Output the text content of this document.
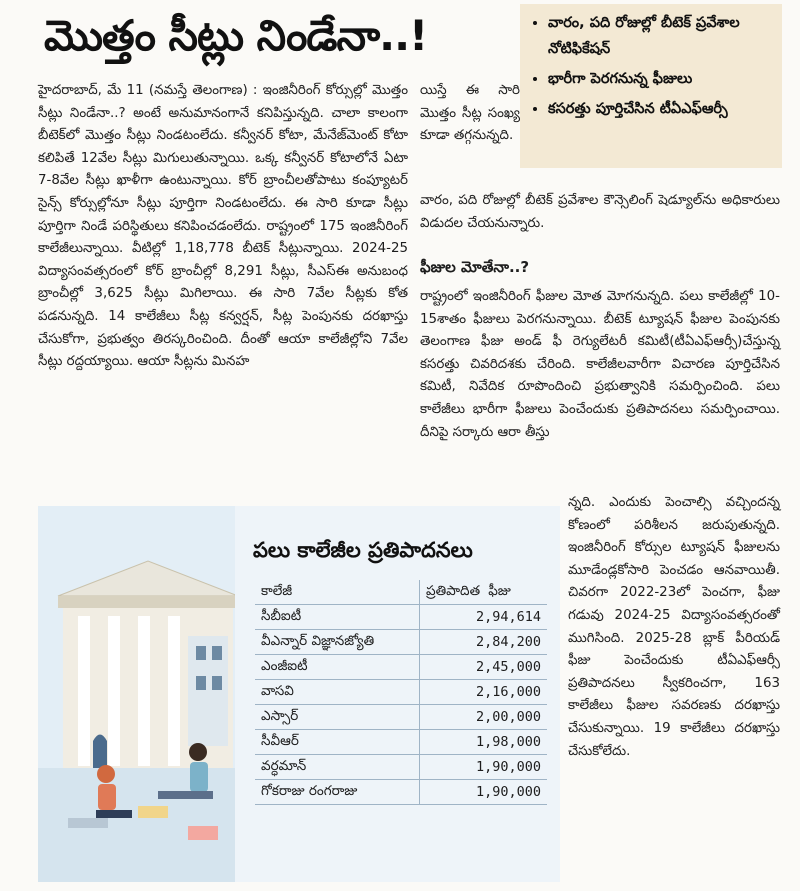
మొత్తం సీట్లు నిండేనా..!	• వారం, పది రోజుల్లో బీటెక్ ప్రవేశాల నోటిఫికేషన్
• భారీగా పెరగనున్న ఫీజులు
• కసరత్తు పూర్తిచేసిన టీఏఎఫ్ఆర్సీ

హైదరాబాద్, మే 11 (నమస్తే తెలంగాణ) : ఇంజినీరింగ్ కోర్సుల్లో మొత్తం సీట్లు నిండేనా..? అంటే అనుమానంగానే కనిపిస్తున్నది. చాలా కాలంగా బీటెక్‌లో మొత్తం సీట్లు నిండటంలేదు. కన్వీనర్ కోటా, మేనేజ్‌మెంట్ కోటా కలిపితే 12వేల సీట్లు మిగులుతున్నాయి. ఒక్క కన్వీనర్ కోటాలోనే ఏటా 7-8వేల సీట్లు ఖాళీగా ఉంటున్నాయి. కోర్ బ్రాంచీలతోపాటు కంప్యూటర్ సైన్స్ కోర్సుల్లోనూ సీట్లు పూర్తిగా నిండటంలేదు. ఈ సారి కూడా సీట్లు పూర్తిగా నిండే పరిస్థితులు కనిపించడంలేదు. రాష్ట్రంలో 175 ఇంజినీరింగ్ కాలేజీలున్నాయి. వీటిల్లో 1,18,778 బీటెక్ సీట్లున్నాయి. 2024-25 విద్యాసంవత్సరంలో కోర్ బ్రాంచీల్లో 8,291 సీట్లు, సీఎస్ఈ అనుబంధ బ్రాంచీల్లో 3,625 సీట్లు మిగిలాయి. ఈ సారి 7వేల సీట్లకు కోత పడనున్నది. 14 కాలేజీలు సీట్ల కన్వర్షన్, సీట్ల పెంపునకు దరఖాస్తు చేసుకోగా, ప్రభుత్వం తిరస్కరించింది. దీంతో ఆయా కాలేజీల్లోని 7వేల సీట్లు రద్దయ్యాయి. ఆయా సీట్లను మినహ

యిస్తే ఈ సారి మొత్తం సీట్ల సంఖ్య కూడా తగ్గనున్నది.

వారం, పది రోజుల్లో బీటెక్ ప్రవేశాల కౌన్సెలింగ్ షెడ్యూల్‌ను అధికారులు విడుదల చేయనున్నారు.

ఫీజుల మోతేనా..?

రాష్ట్రంలో ఇంజినీరింగ్ ఫీజుల మోత మోగనున్నది. పలు కాలేజీల్లో 10-15శాతం ఫీజులు పెరగనున్నాయి. బీటెక్ ట్యూషన్ ఫీజుల పెంపునకు తెలంగాణ ఫీజు అండ్ ఫీ రెగ్యులేటరీ కమిటీ(టీఏఎఫ్ఆర్సీ)చేస్తున్న కసరత్తు చివరిదశకు చేరింది. కాలేజీలవారీగా విచారణ పూర్తిచేసిన కమిటీ, నివేదిక రూపొందించి ప్రభుత్వానికి సమర్పించింది. పలు కాలేజీలు భారీగా ఫీజులు పెంచేందుకు ప్రతిపాదనలు సమర్పించాయి. దీనిపై సర్కారు ఆరా తీస్తు

న్నది. ఎందుకు పెంచాల్సి వచ్చిందన్న కోణంలో పరిశీలన జరుపుతున్నది. ఇంజినీరింగ్ కోర్సుల ట్యూషన్ ఫీజులను మూడేండ్లకోసారి పెంచడం ఆనవాయితీ. చివరగా 2022-23లో పెంచగా, ఫీజు గడువు 2024-25 విద్యాసంవత్సరంతో ముగిసింది. 2025-28 బ్లాక్ పీరియడ్ ఫీజు పెంచేందుకు టీఏఎఫ్ఆర్సీ ప్రతిపాదనలు స్వీకరించగా, 163 కాలేజీలు ఫీజుల సవరణకు దరఖాస్తు చేసుకున్నాయి. 19 కాలేజీలు దరఖాస్తు చేసుకోలేదు.

పలు కాలేజీల ప్రతిపాదనలు
కాలేజీ	ప్రతిపాదిత ఫీజు
సీబీఐటీ	2,94,614
వీఎన్నార్ విజ్ఞానజ్యోతి	2,84,200
ఎంజీఐటీ	2,45,000
వాసవి	2,16,000
ఎస్సార్	2,00,000
సీవీఆర్	1,98,000
వర్ధమాన్	1,90,000
గోకరాజు రంగరాజు	1,90,000
